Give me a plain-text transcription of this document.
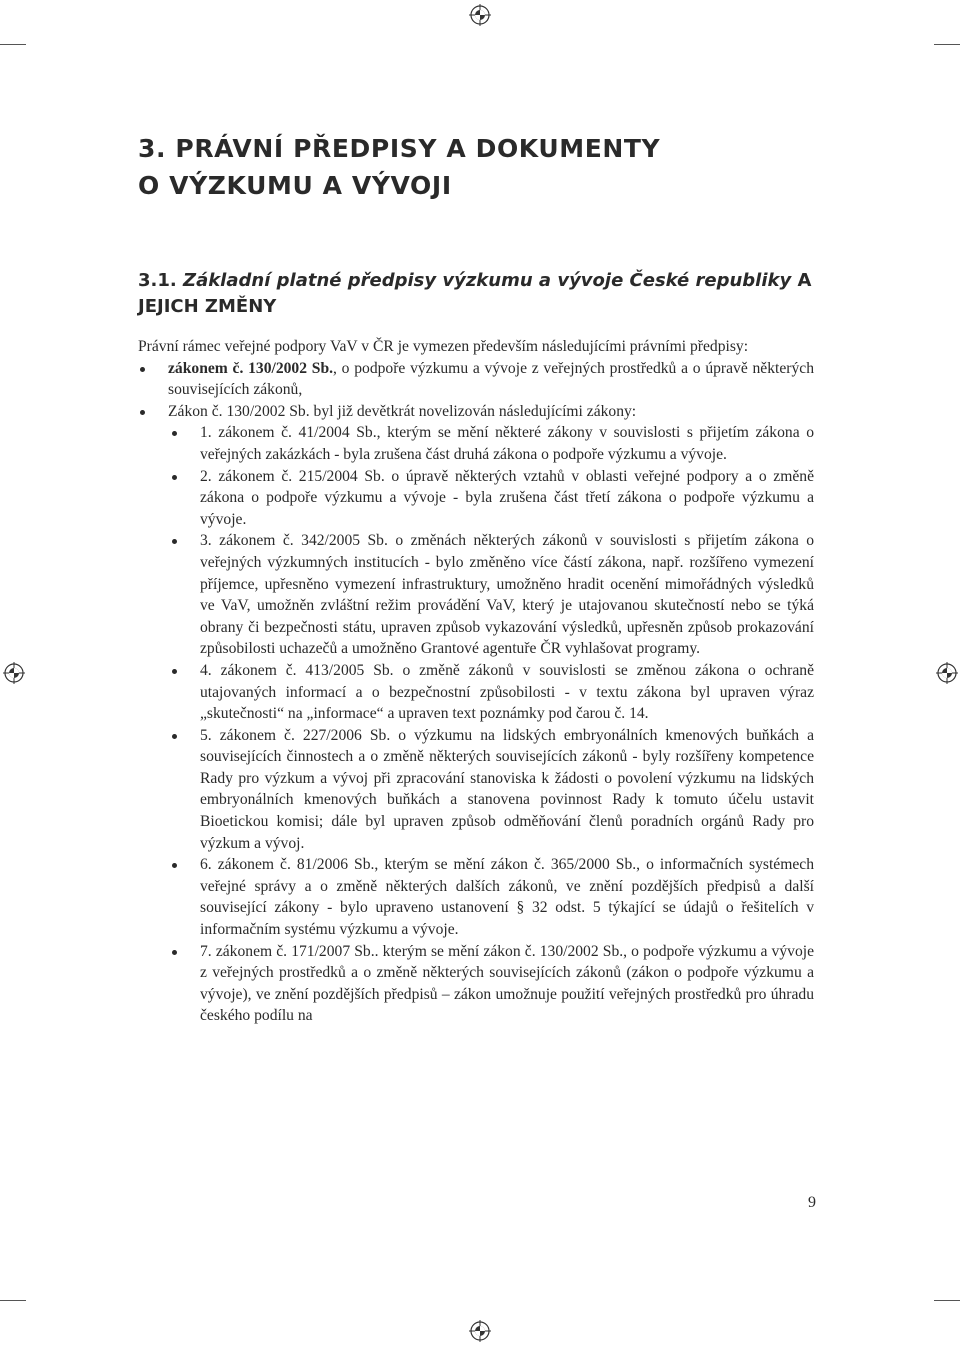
3. PRÁVNÍ PŘEDPISY A DOKUMENTY
O VÝZKUMU A VÝVOJI
3.1. Základní platné předpisy výzkumu a vývoje České republiky A JEJICH ZMĚNY

Právní rámec veřejné podpory VaV v ČR je vymezen především následujícími právními předpisy:

zákonem č. 130/2002 Sb., o podpoře výzkumu a vývoje z veřejných prostředků a o úpravě některých souvisejících zákonů,
Zákon č. 130/2002 Sb. byl již devětkrát novelizován následujícími zákony:
1. zákonem č. 41/2004 Sb., kterým se mění některé zákony v souvislosti s přijetím zákona o veřejných zakázkách - byla zrušena část druhá zákona o podpoře výzkumu a vývoje.
2. zákonem č. 215/2004 Sb. o úpravě některých vztahů v oblasti veřejné podpory a o změně zákona o podpoře výzkumu a vývoje - byla zrušena část třetí zákona o podpoře výzkumu a vývoje.
3. zákonem č. 342/2005 Sb. o změnách některých zákonů v souvislosti s přijetím zákona o veřejných výzkumných institucích - bylo změněno více částí zákona, např. rozšířeno vymezení příjemce, upřesněno vymezení infrastruktury, umožněno hradit ocenění mimořádných výsledků ve VaV, umožněn zvláštní režim provádění VaV, který je utajovanou skutečností nebo se týká obrany či bezpečnosti státu, upraven způsob vykazování výsledků, upřesněn způsob prokazování způsobilosti uchazečů a umožněno Grantové agentuře ČR vyhlašovat programy.
4. zákonem č. 413/2005 Sb. o změně zákonů v souvislosti se změnou zákona o ochraně utajovaných informací a o bezpečnostní způsobilosti - v textu zákona byl upraven výraz „skutečnosti“ na „informace“ a upraven text poznámky pod čarou č. 14.
5. zákonem č. 227/2006 Sb. o výzkumu na lidských embryonálních kmenových buňkách a souvisejících činnostech a o změně některých souvisejících zákonů - byly rozšířeny kompetence Rady pro výzkum a vývoj při zpracování stanoviska k žádosti o povolení výzkumu na lidských embryonálních kmenových buňkách a stanovena povinnost Rady k tomuto účelu ustavit Bioetickou komisi; dále byl upraven způsob odměňování členů poradních orgánů Rady pro výzkum a vývoj.
6. zákonem č. 81/2006 Sb., kterým se mění zákon č. 365/2000 Sb., o informačních systémech veřejné správy a o změně některých dalších zákonů, ve znění pozdějších předpisů a další související zákony - bylo upraveno ustanovení § 32 odst. 5 týkající se údajů o řešitelích v informačním systému výzkumu a vývoje.
7. zákonem č. 171/2007 Sb.. kterým se mění zákon č. 130/2002 Sb., o podpoře výzkumu a vývoje z veřejných prostředků a o změně některých souvisejících zákonů (zákon o podpoře výzkumu a vývoje), ve znění pozdějších předpisů – zákon umožnuje použití veřejných prostředků pro úhradu českého podílu na
9
